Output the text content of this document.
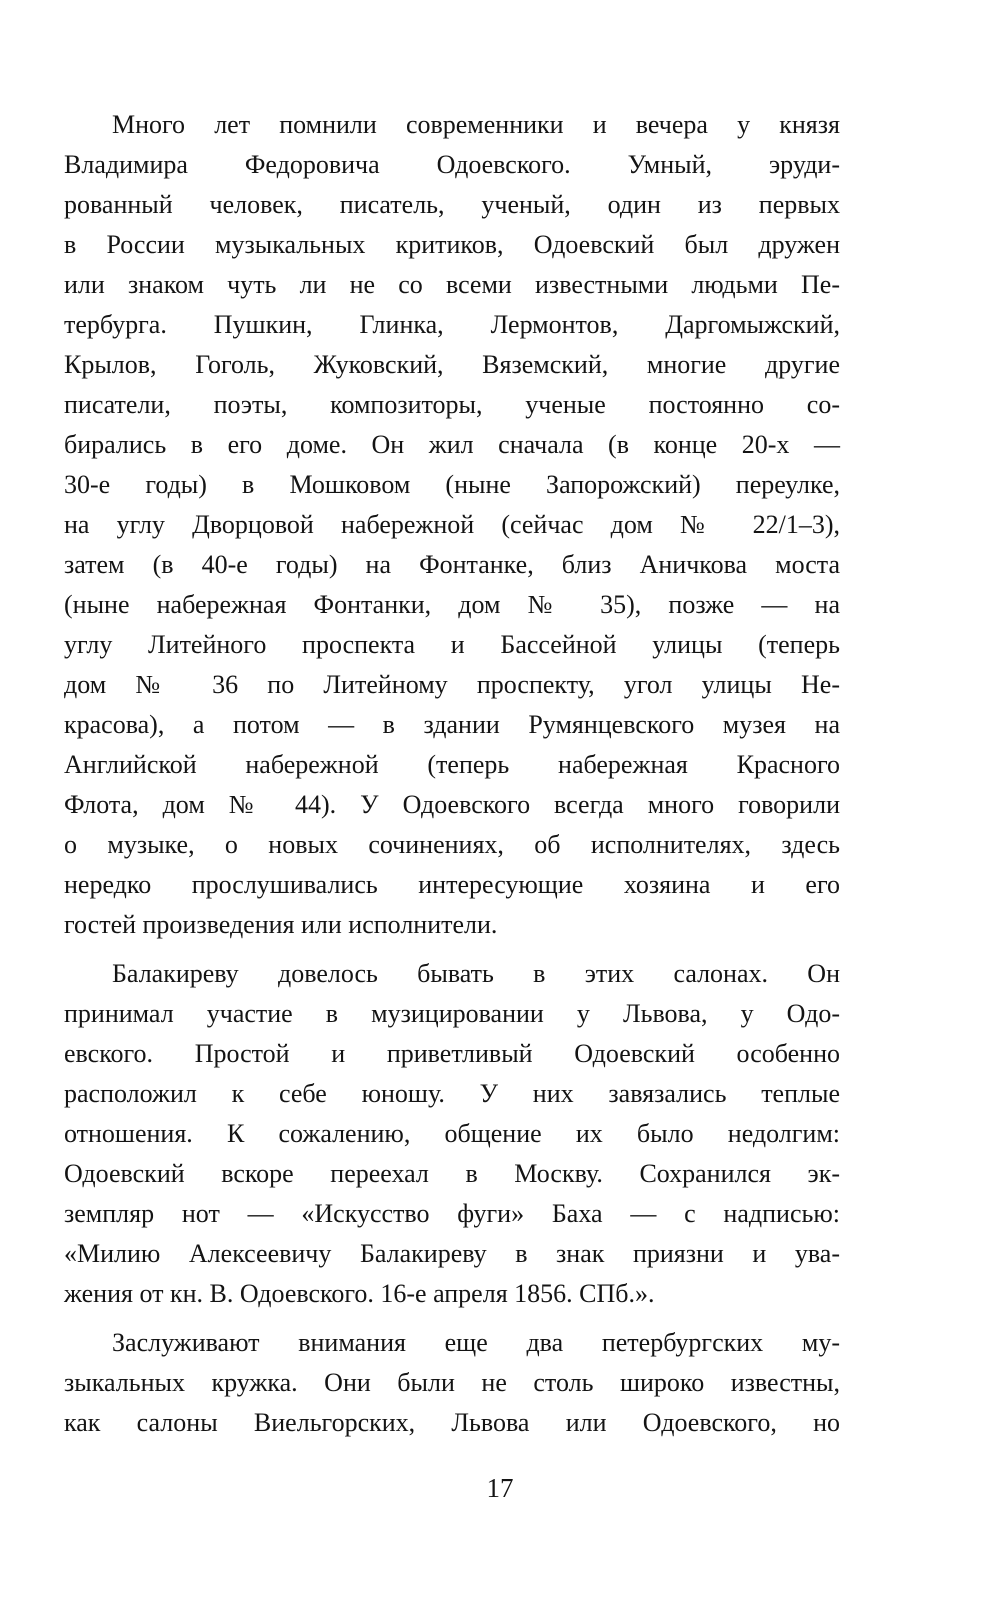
Много лет помнили современники и вечера у князя
Владимира Федоровича Одоевского. Умный, эруди-
рованный человек, писатель, ученый, один из первых
в России музыкальных критиков, Одоевский был дружен
или знаком чуть ли не со всеми известными людьми Пе-
тербурга. Пушкин, Глинка, Лермонтов, Даргомыжский,
Крылов, Гоголь, Жуковский, Вяземский, многие другие
писатели, поэты, композиторы, ученые постоянно со-
бирались в его доме. Он жил сначала (в конце 20-х —
30-е годы) в Мошковом (ныне Запорожский) переулке,
на углу Дворцовой набережной (сейчас дом № 22/1–3),
затем (в 40-е годы) на Фонтанке, близ Аничкова моста
(ныне набережная Фонтанки, дом № 35), позже — на
углу Литейного проспекта и Бассейной улицы (теперь
дом № 36 по Литейному проспекту, угол улицы Не-
красова), а потом — в здании Румянцевского музея на
Английской набережной (теперь набережная Красного
Флота, дом № 44). У Одоевского всегда много говорили
о музыке, о новых сочинениях, об исполнителях, здесь
нередко прослушивались интересующие хозяина и его
гостей произведения или исполнители.

Балакиреву довелось бывать в этих салонах. Он
принимал участие в музицировании у Львова, у Одо-
евского. Простой и приветливый Одоевский особенно
расположил к себе юношу. У них завязались теплые
отношения. К сожалению, общение их было недолгим:
Одоевский вскоре переехал в Москву. Сохранился эк-
земпляр нот — «Искусство фуги» Баха — с надписью:
«Милию Алексеевичу Балакиреву в знак приязни и ува-
жения от кн. В. Одоевского. 16-е апреля 1856. СПб.».

Заслуживают внимания еще два петербургских му-
зыкальных кружка. Они были не столь широко известны,
как салоны Виельгорских, Львова или Одоевского, но

17
